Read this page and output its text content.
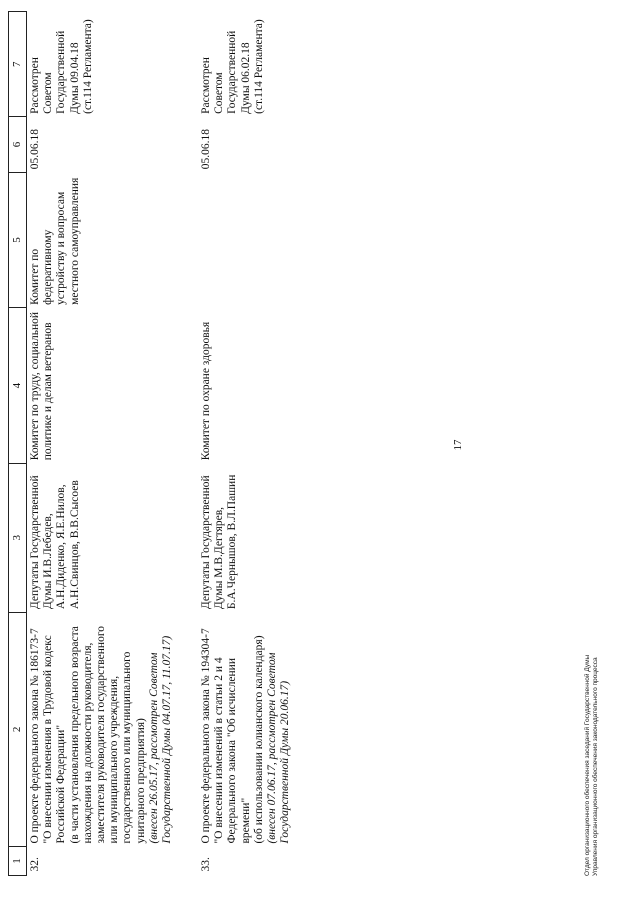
1	2	3	4	5	6	7
32.	О проекте федерального закона № 186173-7 "О внесении изменения в Трудовой кодекс Российской Федерации" (в части установления предельного возраста нахождения на должности руководителя, заместителя руководителя государственного или муниципального учреждения, государственного или муниципального унитарного предприятия) (внесен 26.05.17, рассмотрен Советом Государственной Думы 04.07.17, 11.07.17)	Депутаты Государственной Думы И.В.Лебедев, А.Н.Диденко, Я.Е.Нилов, А.Н.Свинцов, В.В.Сысоев	Комитет по труду, социальной политике и делам ветеранов	Комитет по федеративному устройству и вопросам местного самоуправления	05.06.18	Рассмотрен Советом Государственной Думы 09.04.18 (ст.114 Регламента)
33.	О проекте федерального закона № 194304-7 "О внесении изменений в статьи 2 и 4 Федерального закона "Об исчислении времени" (об использовании юлианского календаря) (внесен 07.06.17, рассмотрен Советом Государственной Думы 20.06.17)	Депутаты Государственной Думы М.В.Дегтярев, Б.А.Чернышов, В.Л.Пашин	Комитет по охране здоровья		05.06.18	Рассмотрен Советом Государственной Думы 06.02.18 (ст.114 Регламента)
17
Отдел организационного обеспечения заседаний Государственной Думы Управления организационного обеспечения законодательного процесса
